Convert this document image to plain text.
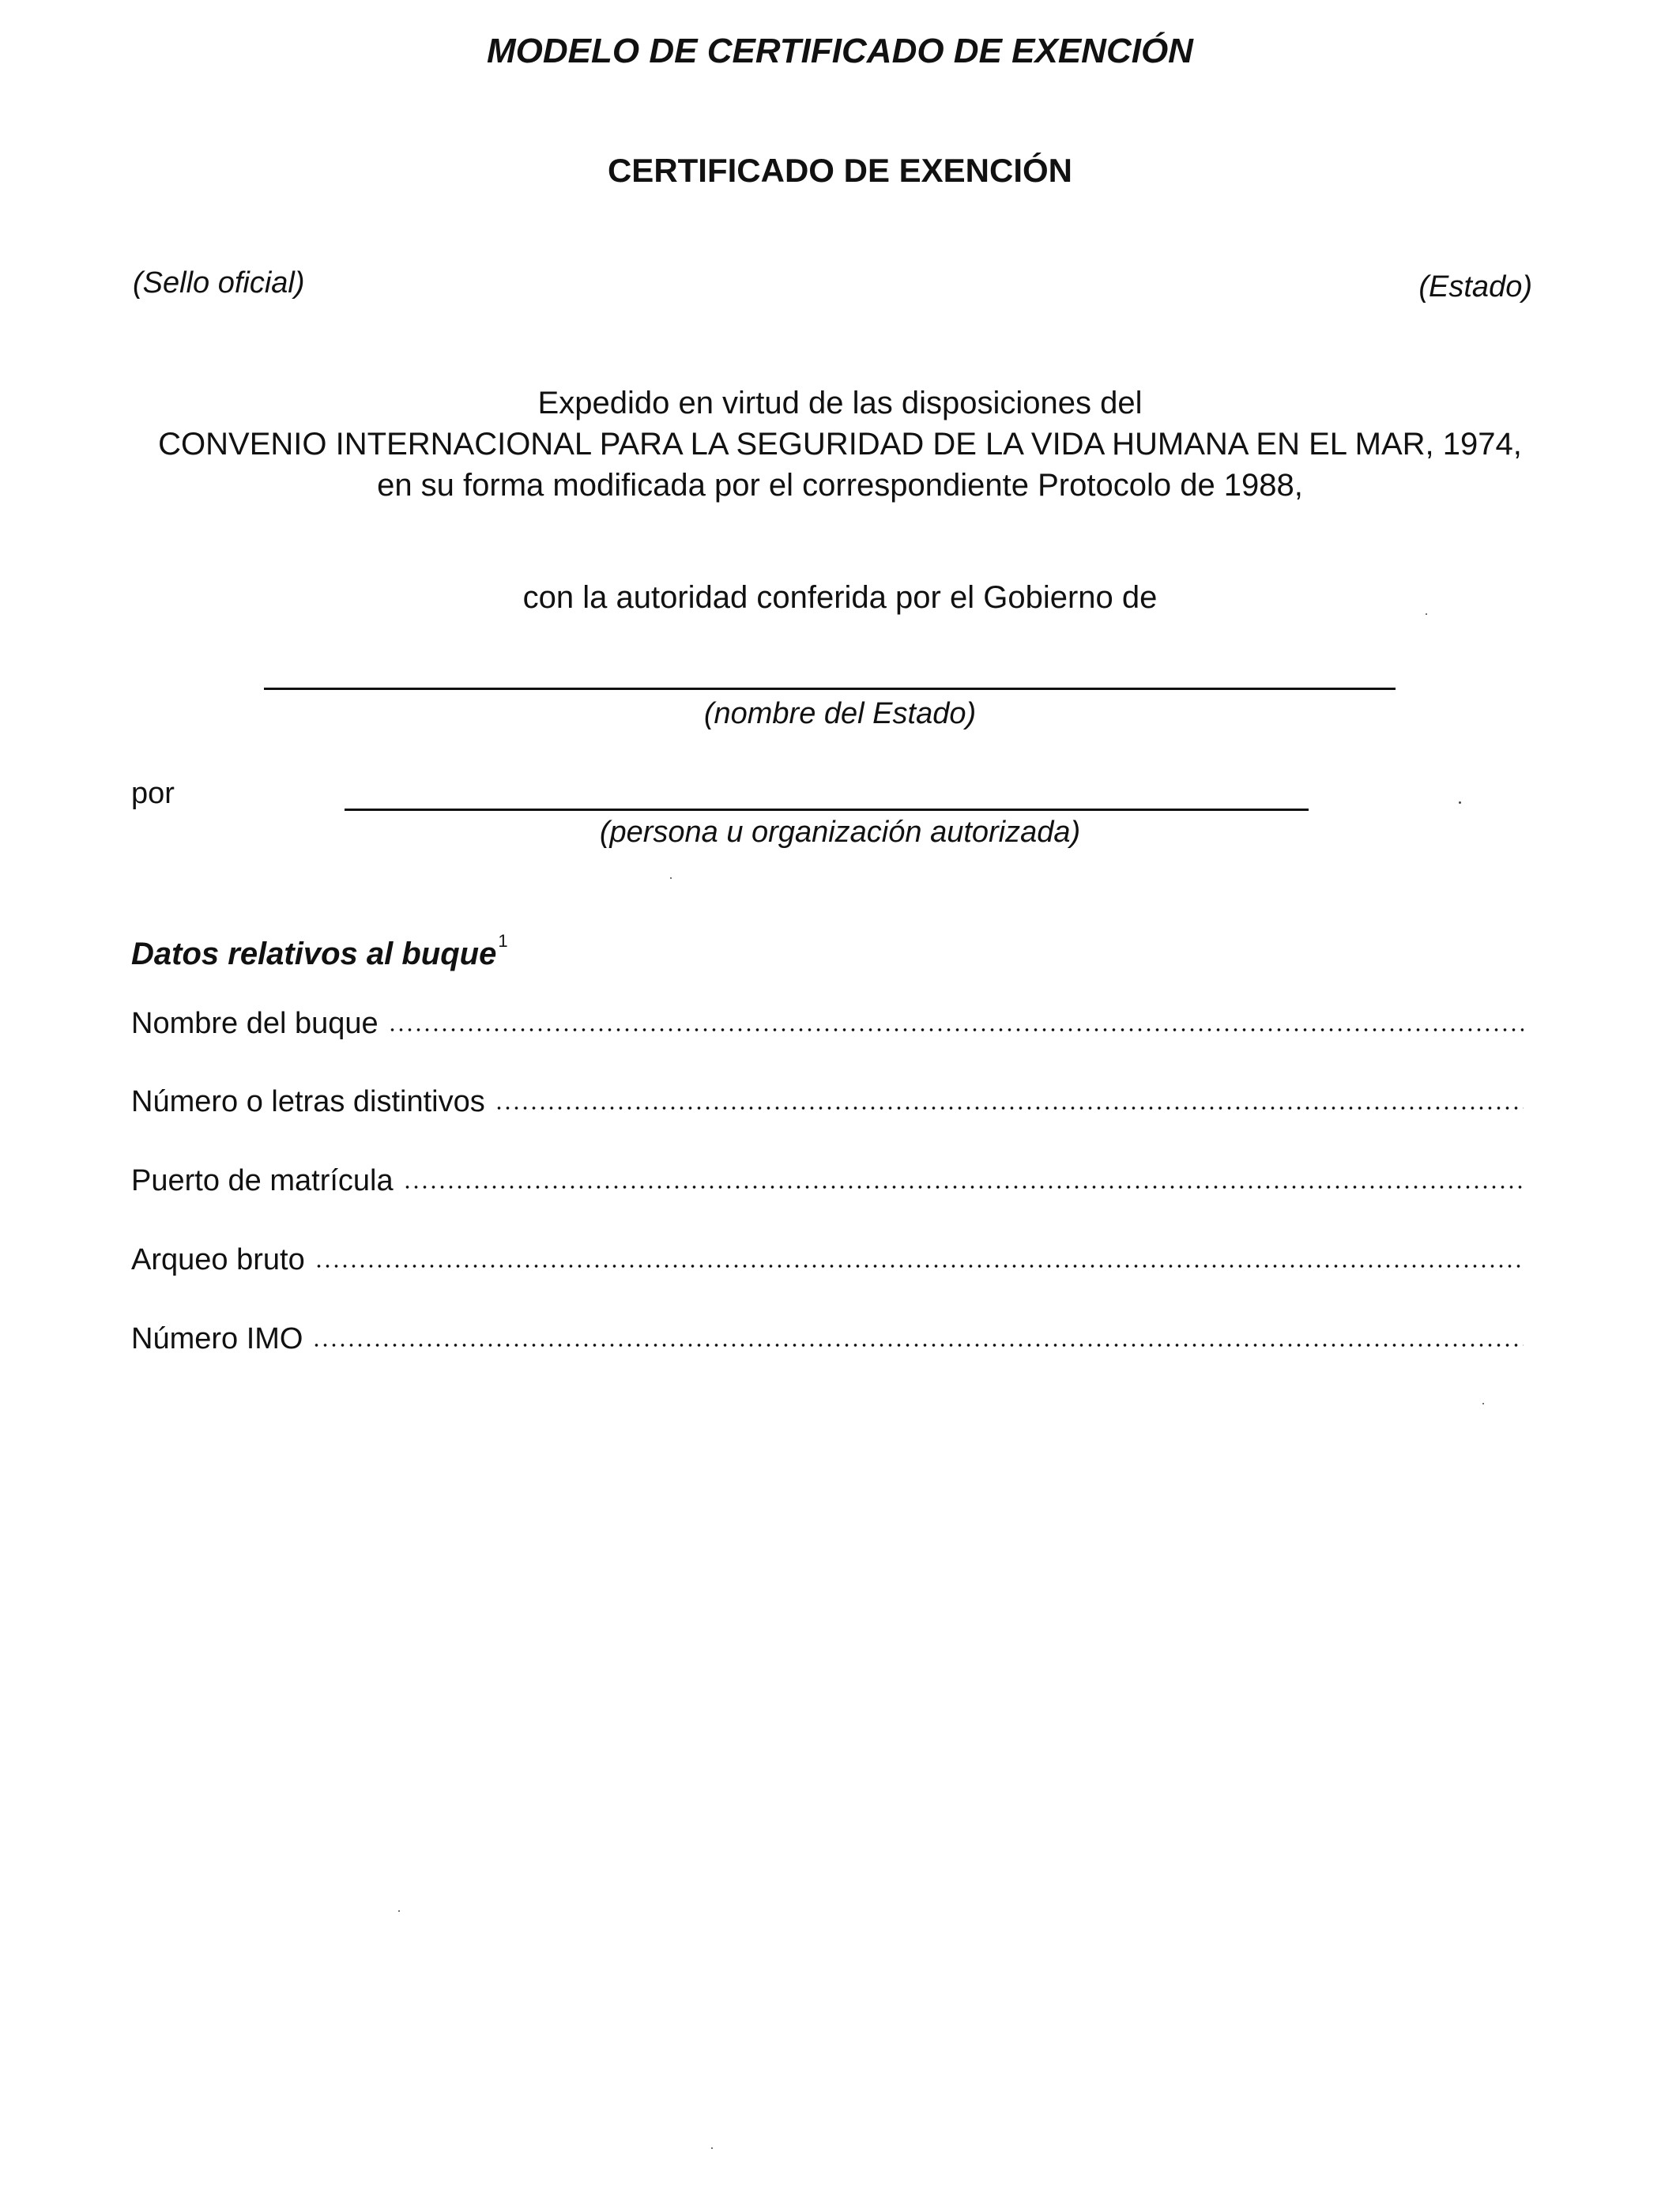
MODELO DE CERTIFICADO DE EXENCIÓN
CERTIFICADO DE EXENCIÓN
(Sello oficial)	(Estado)
Expedido en virtud de las disposiciones del
CONVENIO INTERNACIONAL PARA LA SEGURIDAD DE LA VIDA HUMANA EN EL MAR, 1974,
en su forma modificada por el correspondiente Protocolo de 1988,
con la autoridad conferida por el Gobierno de
(nombre del Estado)
por
(persona u organización autorizada)
Datos relativos al buque$^1$
Nombre del buque
Número o letras distintivos
Puerto de matrícula
Arqueo bruto
Número IMO
